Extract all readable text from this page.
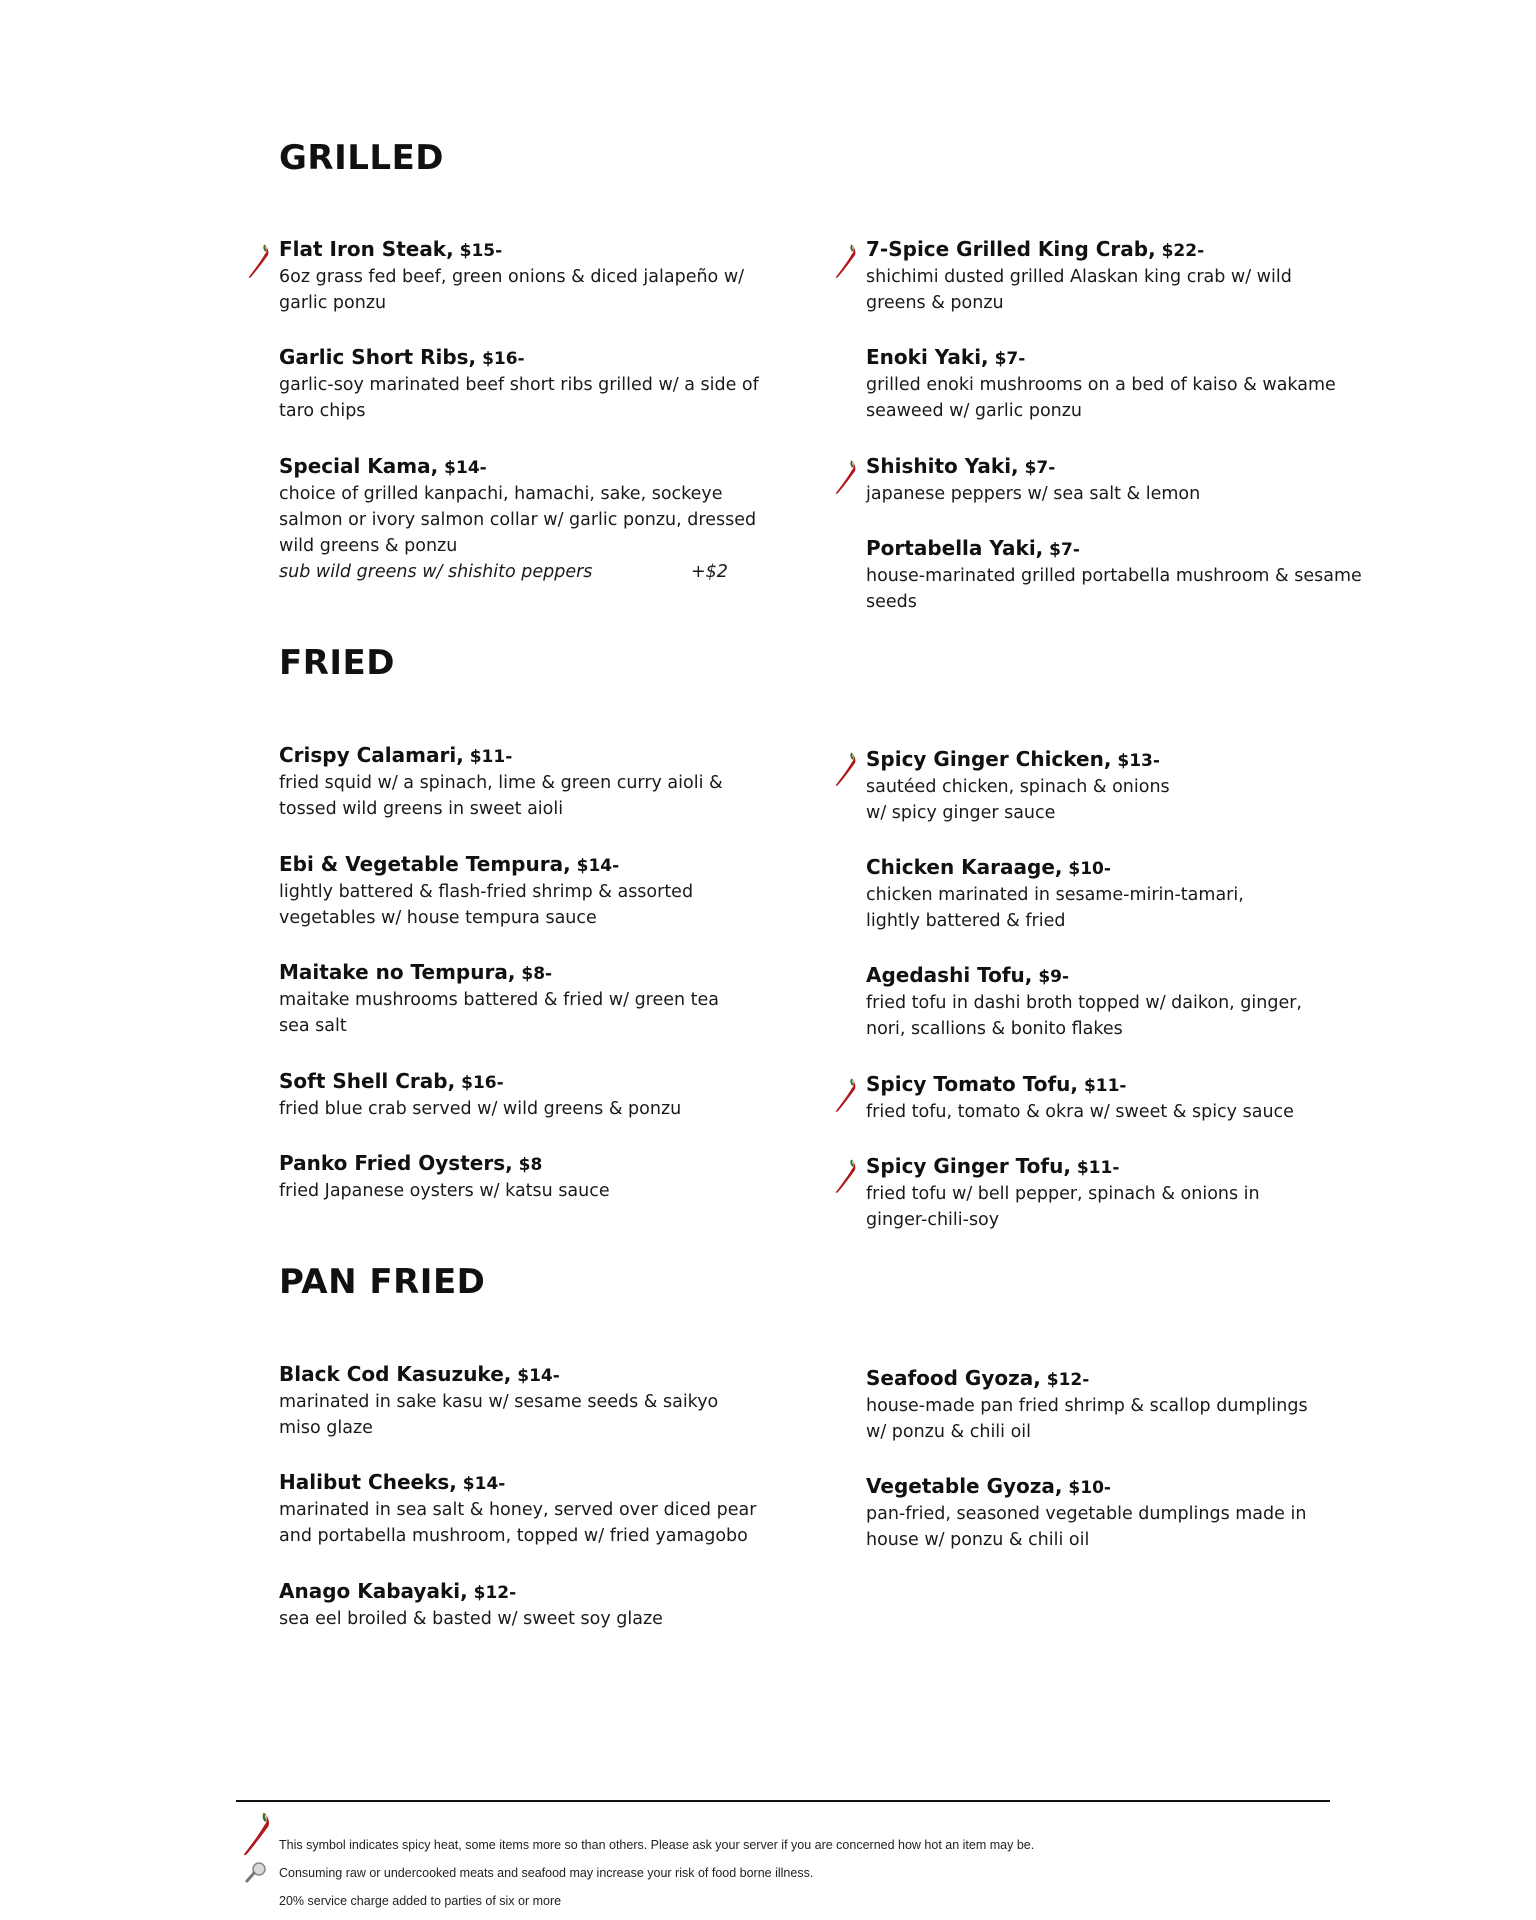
GRILLED
FRIED
PAN FRIED
Flat Iron Steak, $15-
6oz grass fed beef, green onions & diced jalapeño w/
garlic ponzu
Garlic Short Ribs, $16-
garlic-soy marinated beef short ribs grilled w/ a side of
taro chips
Special Kama, $14-
choice of grilled kanpachi, hamachi, sake, sockeye
salmon or ivory salmon collar w/ garlic ponzu, dressed
wild greens & ponzu
sub wild greens w/ shishito peppers	+$2
7-Spice Grilled King Crab, $22-
shichimi dusted grilled Alaskan king crab w/ wild
greens & ponzu
Enoki Yaki, $7-
grilled enoki mushrooms on a bed of kaiso & wakame
seaweed w/ garlic ponzu
Shishito Yaki, $7-
japanese peppers w/ sea salt & lemon
Portabella Yaki, $7-
house-marinated grilled portabella mushroom & sesame
seeds
Crispy Calamari, $11-
fried squid w/ a spinach, lime & green curry aioli &
tossed wild greens in sweet aioli
Ebi & Vegetable Tempura, $14-
lightly battered & flash-fried shrimp & assorted
vegetables w/ house tempura sauce
Maitake no Tempura, $8-
maitake mushrooms battered & fried w/ green tea
sea salt
Soft Shell Crab, $16-
fried blue crab served w/ wild greens & ponzu
Panko Fried Oysters, $8
fried Japanese oysters w/ katsu sauce
Spicy Ginger Chicken, $13-
sautéed chicken, spinach & onions
w/ spicy ginger sauce
Chicken Karaage, $10-
chicken marinated in sesame-mirin-tamari,
lightly battered & fried
Agedashi Tofu, $9-
fried tofu in dashi broth topped w/ daikon, ginger,
nori, scallions & bonito flakes
Spicy Tomato Tofu, $11-
fried tofu, tomato & okra w/ sweet & spicy sauce
Spicy Ginger Tofu, $11-
fried tofu w/ bell pepper, spinach & onions in
ginger-chili-soy
Black Cod Kasuzuke, $14-
marinated in sake kasu w/ sesame seeds & saikyo
miso glaze
Halibut Cheeks, $14-
marinated in sea salt & honey, served over diced pear
and portabella mushroom, topped w/ fried yamagobo
Anago Kabayaki, $12-
sea eel broiled & basted w/ sweet soy glaze
Seafood Gyoza, $12-
house-made pan fried shrimp & scallop dumplings
w/ ponzu & chili oil
Vegetable Gyoza, $10-
pan-fried, seasoned vegetable dumplings made in
house w/ ponzu & chili oil
This symbol indicates spicy heat, some items more so than others. Please ask your server if you are concerned how hot an item may be.
Consuming raw or undercooked meats and seafood may increase your risk of food borne illness.
20% service charge added to parties of six or more
